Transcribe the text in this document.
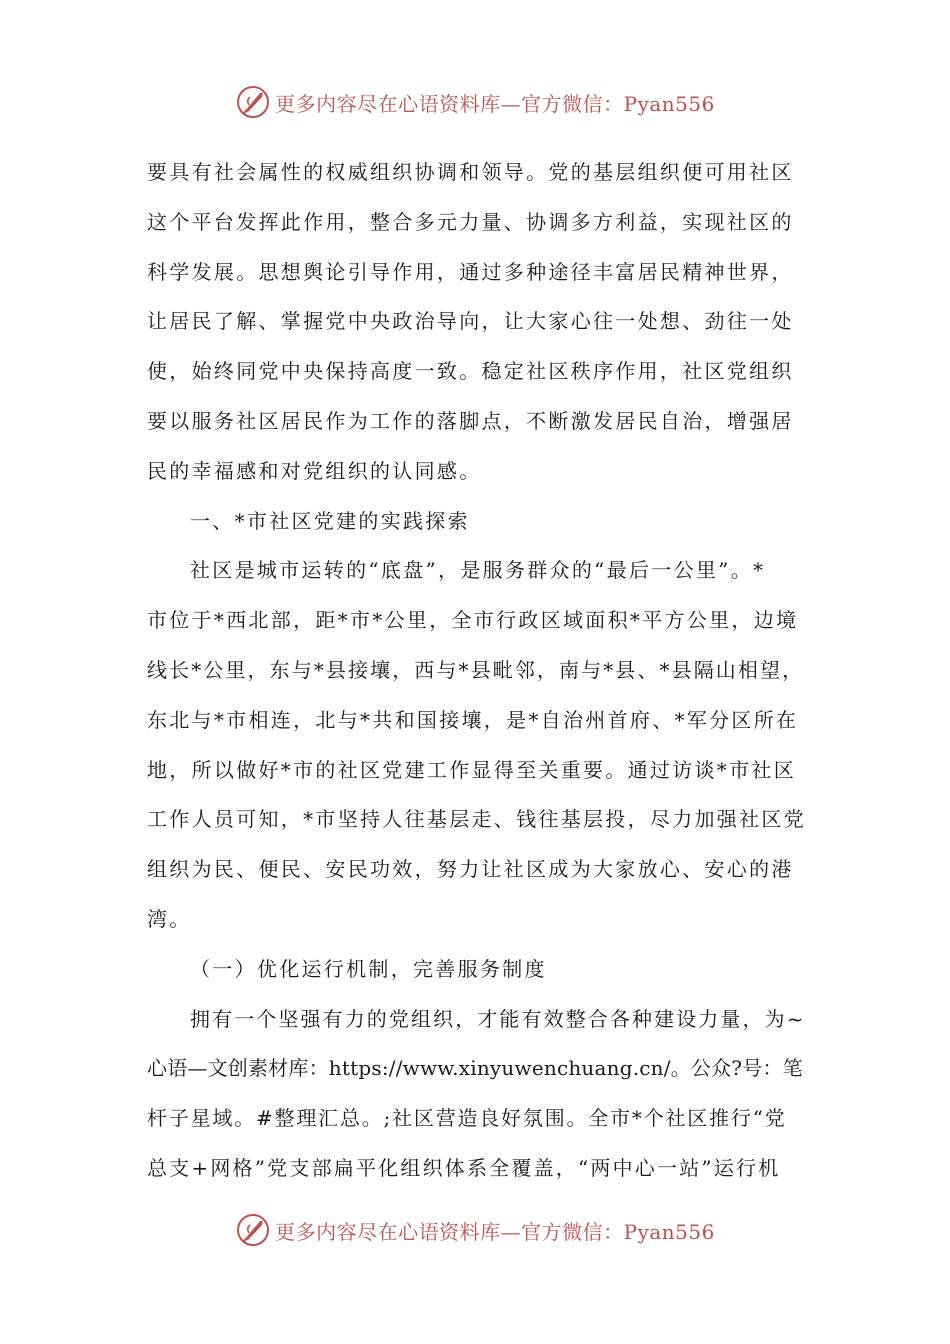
更多内容尽在心语资料库—官方微信：Pyan556
要具有社会属性的权威组织协调和领导。党的基层组织便可用社区
这个平台发挥此作用，整合多元力量、协调多方利益，实现社区的
科学发展。思想舆论引导作用，通过多种途径丰富居民精神世界，
让居民了解、掌握党中央政治导向，让大家心往一处想、劲往一处
使，始终同党中央保持高度一致。稳定社区秩序作用，社区党组织
要以服务社区居民作为工作的落脚点，不断激发居民自治，增强居
民的幸福感和对党组织的认同感。
一、*市社区党建的实践探索
社区是城市运转的“底盘”，是服务群众的“最后一公里”。*
市位于*西北部，距*市*公里，全市行政区域面积*平方公里，边境
线长*公里，东与*县接壤，西与*县毗邻，南与*县、*县隔山相望，
东北与*市相连，北与*共和国接壤，是*自治州首府、*军分区所在
地，所以做好*市的社区党建工作显得至关重要。通过访谈*市社区
工作人员可知，*市坚持人往基层走、钱往基层投，尽力加强社区党
组织为民、便民、安民功效，努力让社区成为大家放心、安心的港
湾。
（一）优化运行机制，完善服务制度
拥有一个坚强有力的党组织，才能有效整合各种建设力量，为~
心语—文创素材库：https://www.xinyuwenchuang.cn/。公众?号：笔
杆子星域。#整理汇总。;社区营造良好氛围。全市*个社区推行“党
总支+网格”党支部扁平化组织体系全覆盖，“两中心一站”运行机
更多内容尽在心语资料库—官方微信：Pyan556
